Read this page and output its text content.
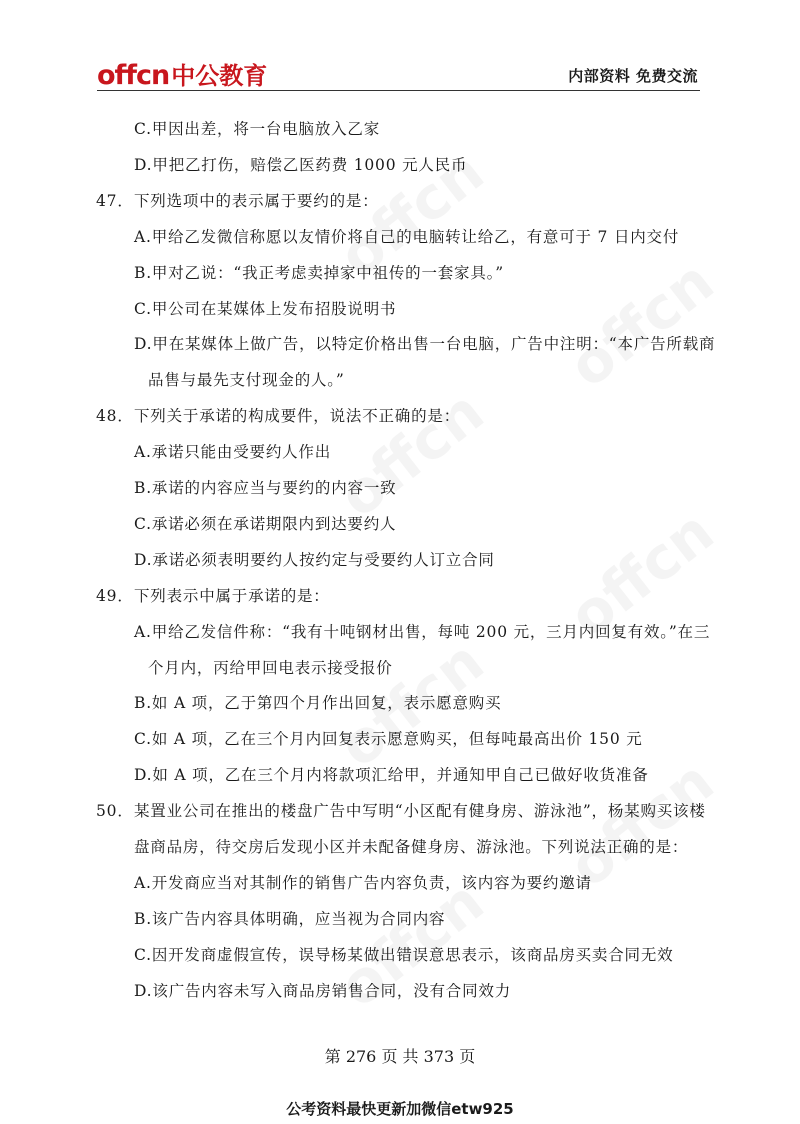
offcn 中公教育	内部资料 免费交流
C.甲因出差，将一台电脑放入乙家
D.甲把乙打伤，赔偿乙医药费 1000 元人民币
47． 下列选项中的表示属于要约的是：
A.甲给乙发微信称愿以友情价将自己的电脑转让给乙，有意可于 7 日内交付
B.甲对乙说：“我正考虑卖掉家中祖传的一套家具。”
C.甲公司在某媒体上发布招股说明书
D.甲在某媒体上做广告，以特定价格出售一台电脑，广告中注明：“本广告所载商
品售与最先支付现金的人。”
48． 下列关于承诺的构成要件，说法不正确的是：
A.承诺只能由受要约人作出
B.承诺的内容应当与要约的内容一致
C.承诺必须在承诺期限内到达要约人
D.承诺必须表明要约人按约定与受要约人订立合同
49． 下列表示中属于承诺的是：
A.甲给乙发信件称：“我有十吨钢材出售，每吨 200 元，三月内回复有效。”在三
个月内，丙给甲回电表示接受报价
B.如 A 项，乙于第四个月作出回复，表示愿意购买
C.如 A 项，乙在三个月内回复表示愿意购买，但每吨最高出价 150 元
D.如 A 项，乙在三个月内将款项汇给甲，并通知甲自己已做好收货准备
50． 某置业公司在推出的楼盘广告中写明“小区配有健身房、游泳池”，杨某购买该楼
盘商品房，待交房后发现小区并未配备健身房、游泳池。下列说法正确的是：
A.开发商应当对其制作的销售广告内容负责，该内容为要约邀请
B.该广告内容具体明确，应当视为合同内容
C.因开发商虚假宣传，误导杨某做出错误意思表示，该商品房买卖合同无效
D.该广告内容未写入商品房销售合同，没有合同效力
第 276 页 共 373 页
公考资料最快更新加微信etw925
